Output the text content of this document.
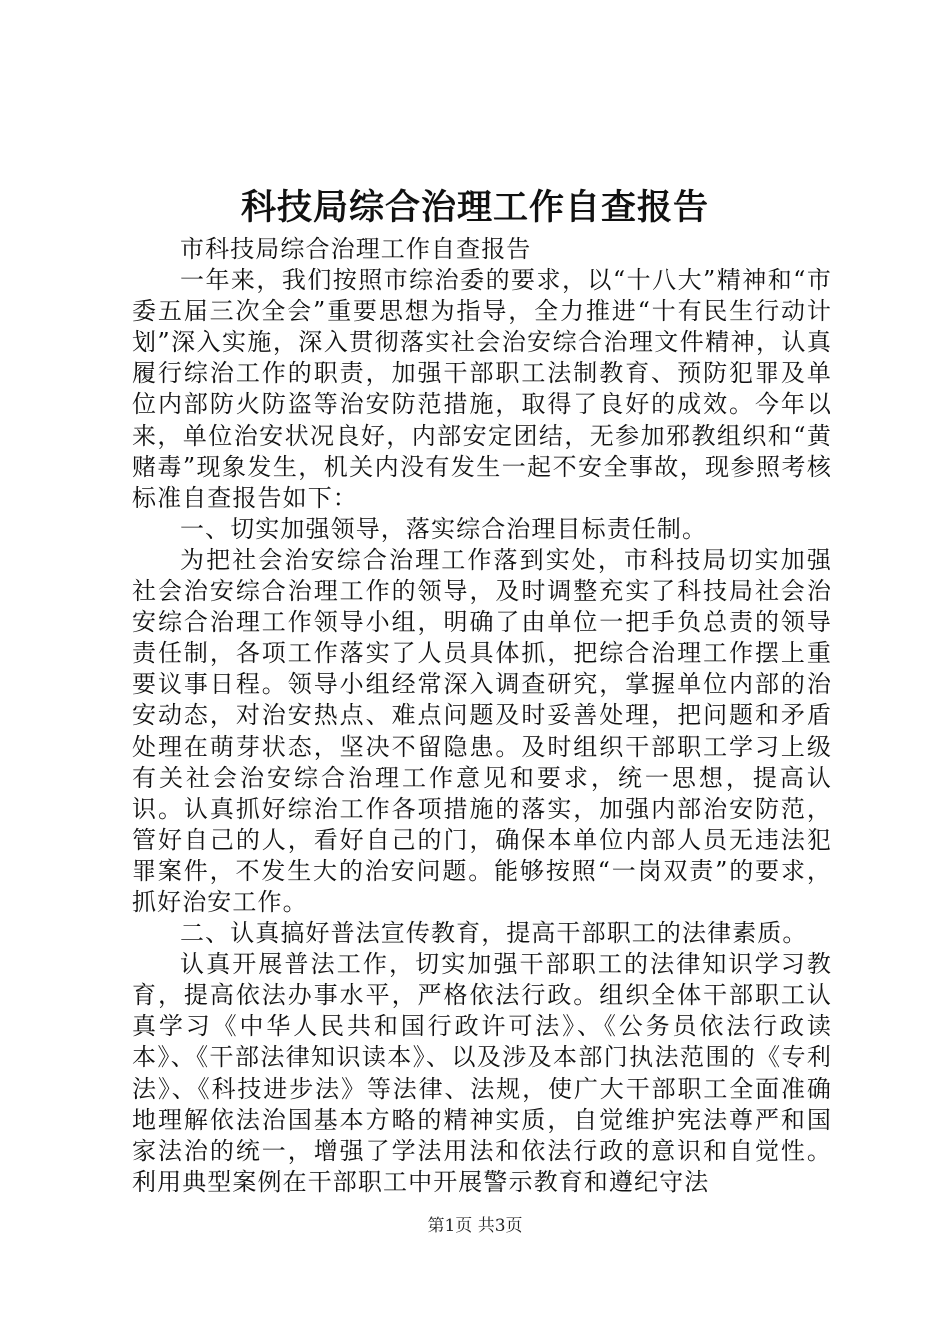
科技局综合治理工作自查报告

市科技局综合治理工作自查报告

一年来，我们按照市综治委的要求，以“十八大”精神和“市委五届三次全会”重要思想为指导，全力推进“十有民生行动计划”深入实施，深入贯彻落实社会治安综合治理文件精神，认真履行综治工作的职责，加强干部职工法制教育、预防犯罪及单位内部防火防盗等治安防范措施，取得了良好的成效。今年以来，单位治安状况良好，内部安定团结，无参加邪教组织和“黄赌毒”现象发生，机关内没有发生一起不安全事故，现参照考核标准自查报告如下：

一、切实加强领导，落实综合治理目标责任制。

为把社会治安综合治理工作落到实处，市科技局切实加强社会治安综合治理工作的领导，及时调整充实了科技局社会治安综合治理工作领导小组，明确了由单位一把手负总责的领导责任制，各项工作落实了人员具体抓，把综合治理工作摆上重要议事日程。领导小组经常深入调查研究，掌握单位内部的治安动态，对治安热点、难点问题及时妥善处理，把问题和矛盾处理在萌芽状态，坚决不留隐患。及时组织干部职工学习上级有关社会治安综合治理工作意见和要求，统一思想，提高认识。认真抓好综治工作各项措施的落实，加强内部治安防范，管好自己的人，看好自己的门，确保本单位内部人员无违法犯罪案件，不发生大的治安问题。能够按照“一岗双责”的要求，抓好治安工作。

二、认真搞好普法宣传教育，提高干部职工的法律素质。

认真开展普法工作，切实加强干部职工的法律知识学习教育，提高依法办事水平，严格依法行政。组织全体干部职工认真学习《中华人民共和国行政许可法》、《公务员依法行政读本》、《干部法律知识读本》、以及涉及本部门执法范围的《专利法》、《科技进步法》等法律、法规，使广大干部职工全面准确地理解依法治国基本方略的精神实质，自觉维护宪法尊严和国家法治的统一，增强了学法用法和依法行政的意识和自觉性。利用典型案例在干部职工中开展警示教育和遵纪守法

第1页 共3页
